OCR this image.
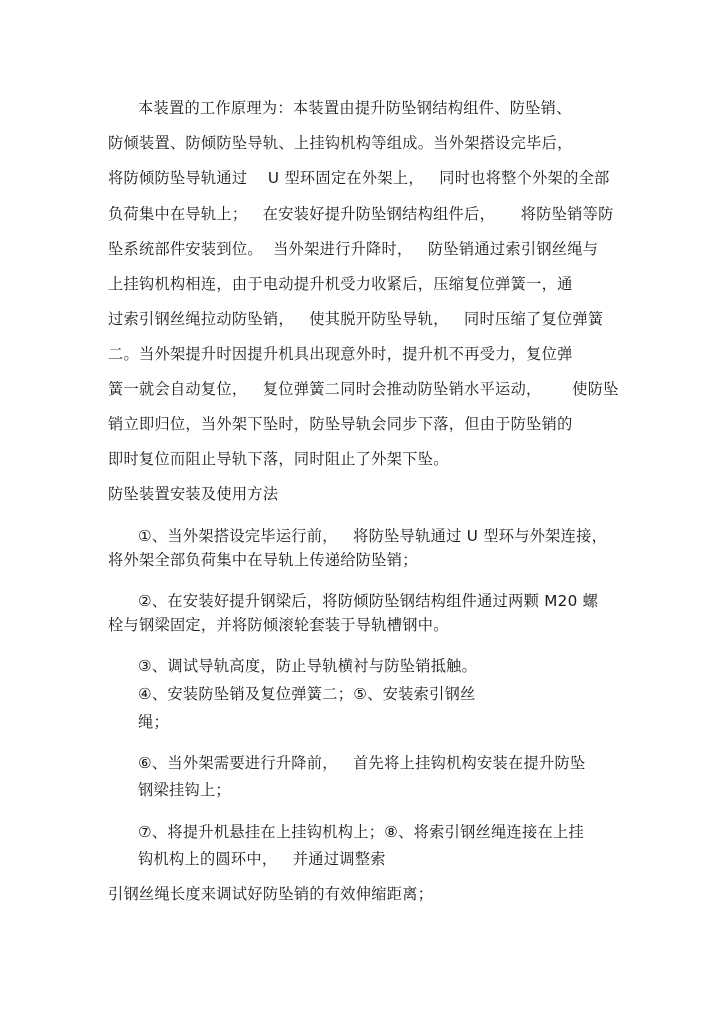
本装置的工作原理为：本装置由提升防坠钢结构组件、防坠销、
防倾装置、防倾防坠导轨、上挂钩机构等组成。当外架搭设完毕后，
将防倾防坠导轨通过    U 型环固定在外架上，   同时也将整个外架的全部
负荷集中在导轨上；   在安装好提升防坠钢结构组件后，     将防坠销等防
坠系统部件安装到位。  当外架进行升降时，   防坠销通过索引钢丝绳与
上挂钩机构相连，由于电动提升机受力收紧后，压缩复位弹簧一，通
过索引钢丝绳拉动防坠销，   使其脱开防坠导轨，   同时压缩了复位弹簧
二。当外架提升时因提升机具出现意外时，提升机不再受力，复位弹
簧一就会自动复位，   复位弹簧二同时会推动防坠销水平运动，      使防坠
销立即归位，当外架下坠时，防坠导轨会同步下落，但由于防坠销的
即时复位而阻止导轨下落，同时阻止了外架下坠。
防坠装置安装及使用方法
①、当外架搭设完毕运行前，   将防坠导轨通过 U 型环与外架连接，
将外架全部负荷集中在导轨上传递给防坠销；
②、在安装好提升钢梁后，将防倾防坠钢结构组件通过两颗 M20 螺
栓与钢梁固定，并将防倾滚轮套装于导轨槽钢中。
③、调试导轨高度，防止导轨横衬与防坠销抵触。
④、安装防坠销及复位弹簧二；⑤、安装索引钢丝
绳；
⑥、当外架需要进行升降前，   首先将上挂钩机构安装在提升防坠
钢梁挂钩上；
⑦、将提升机悬挂在上挂钩机构上；⑧、将索引钢丝绳连接在上挂
钩机构上的圆环中，   并通过调整索
引钢丝绳长度来调试好防坠销的有效伸缩距离；
